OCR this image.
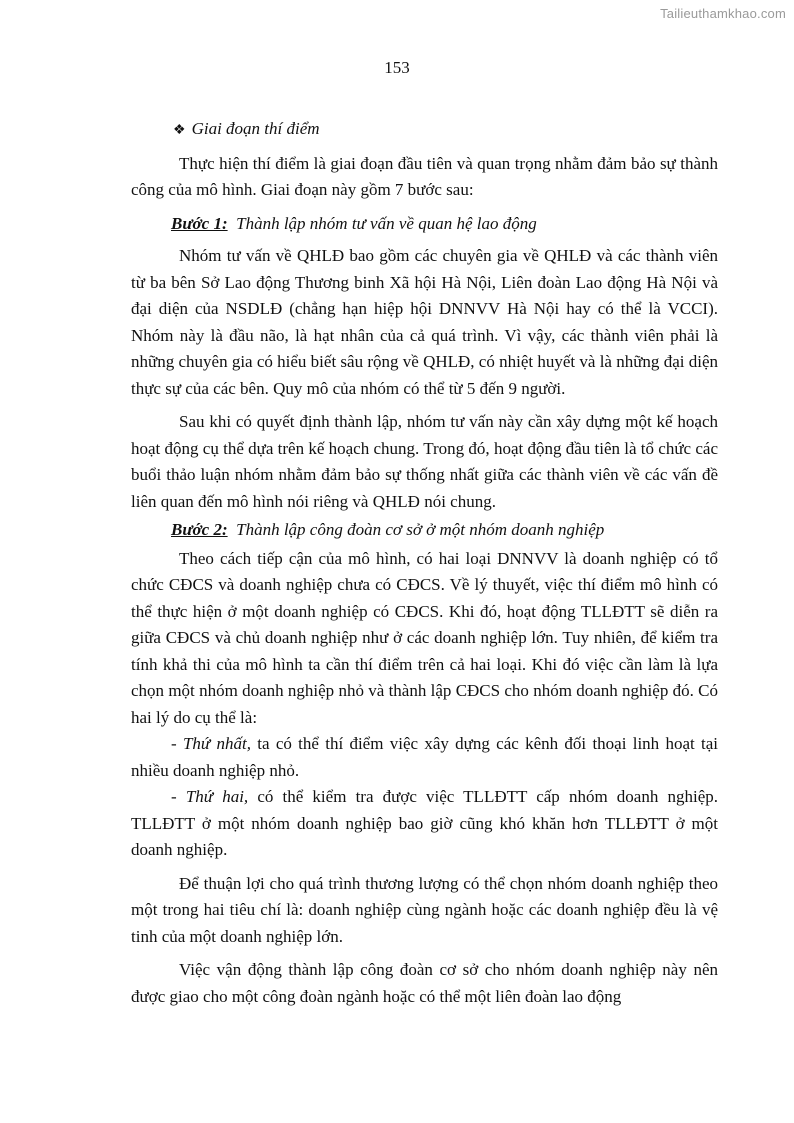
Tailieuthamkhao.com
153

❖ Giai đoạn thí điểm

Thực hiện thí điểm là giai đoạn đầu tiên và quan trọng nhằm đảm bảo sự thành công của mô hình. Giai đoạn này gồm 7 bước sau:

Bước 1: Thành lập nhóm tư vấn về quan hệ lao động

Nhóm tư vấn về QHLĐ bao gồm các chuyên gia về QHLĐ và các thành viên từ ba bên Sở Lao động Thương binh Xã hội Hà Nội, Liên đoàn Lao động Hà Nội và đại diện của NSDLĐ (chẳng hạn hiệp hội DNNVV Hà Nội hay có thể là VCCI). Nhóm này là đầu não, là hạt nhân của cả quá trình. Vì vậy, các thành viên phải là những chuyên gia có hiểu biết sâu rộng về QHLĐ, có nhiệt huyết và là những đại diện thực sự của các bên. Quy mô của nhóm có thể từ 5 đến 9 người.

Sau khi có quyết định thành lập, nhóm tư vấn này cần xây dựng một kế hoạch hoạt động cụ thể dựa trên kế hoạch chung. Trong đó, hoạt động đầu tiên là tổ chức các buổi thảo luận nhóm nhằm đảm bảo sự thống nhất giữa các thành viên về các vấn đề liên quan đến mô hình nói riêng và QHLĐ nói chung.

Bước 2: Thành lập công đoàn cơ sở ở một nhóm doanh nghiệp

Theo cách tiếp cận của mô hình, có hai loại DNNVV là doanh nghiệp có tổ chức CĐCS và doanh nghiệp chưa có CĐCS. Về lý thuyết, việc thí điểm mô hình có thể thực hiện ở một doanh nghiệp có CĐCS. Khi đó, hoạt động TLLĐTT sẽ diễn ra giữa CĐCS và chủ doanh nghiệp như ở các doanh nghiệp lớn. Tuy nhiên, để kiểm tra tính khả thi của mô hình ta cần thí điểm trên cả hai loại. Khi đó việc cần làm là lựa chọn một nhóm doanh nghiệp nhỏ và thành lập CĐCS cho nhóm doanh nghiệp đó. Có hai lý do cụ thể là:

- Thứ nhất, ta có thể thí điểm việc xây dựng các kênh đối thoại linh hoạt tại nhiều doanh nghiệp nhỏ.

- Thứ hai, có thể kiểm tra được việc TLLĐTT cấp nhóm doanh nghiệp. TLLĐTT ở một nhóm doanh nghiệp bao giờ cũng khó khăn hơn TLLĐTT ở một doanh nghiệp.

Để thuận lợi cho quá trình thương lượng có thể chọn nhóm doanh nghiệp theo một trong hai tiêu chí là: doanh nghiệp cùng ngành hoặc các doanh nghiệp đều là vệ tinh của một doanh nghiệp lớn.

Việc vận động thành lập công đoàn cơ sở cho nhóm doanh nghiệp này nên được giao cho một công đoàn ngành hoặc có thể một liên đoàn lao động
